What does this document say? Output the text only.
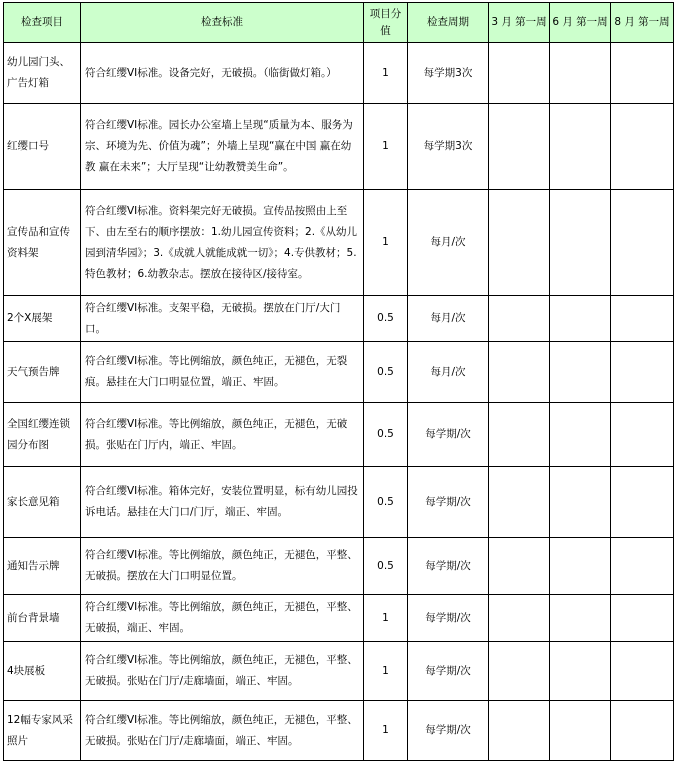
检查项目	检查标准	项目分值	检查周期	3 月 第一周	6 月 第一周	8 月 第一周
幼儿园门头、广告灯箱	符合红缨VI标准。设备完好，无破损。（临街做灯箱。）	1	每学期3次			
红缨口号	符合红缨VI标准。园长办公室墙上呈现“质量为本、服务为宗、环境为先、价值为魂”；外墙上呈现“赢在中国 赢在幼教 赢在未来”；大厅呈现“让幼教赞美生命”。	1	每学期3次			
宣传品和宣传资料架	符合红缨VI标准。资料架完好无破损。宣传品按照由上至下、由左至右的顺序摆放：1.幼儿园宣传资料；2.《从幼儿园到清华园》；3.《成就人就能成就一切》；4.专供教材；5.特色教材；6.幼教杂志。摆放在接待区/接待室。	1	每月/次			
2个X展架	符合红缨VI标准。支架平稳，无破损。摆放在门厅/大门口。	0.5	每月/次			
天气预告牌	符合红缨VI标准。等比例缩放，颜色纯正，无褪色，无裂痕。悬挂在大门口明显位置，端正、牢固。	0.5	每月/次			
全国红缨连锁园分布图	符合红缨VI标准。等比例缩放，颜色纯正，无褪色，无破损。张贴在门厅内，端正、牢固。	0.5	每学期/次			
家长意见箱	符合红缨VI标准。箱体完好，安装位置明显，标有幼儿园投诉电话。悬挂在大门口/门厅，端正、牢固。	0.5	每学期/次			
通知告示牌	符合红缨VI标准。等比例缩放，颜色纯正，无褪色，平整、无破损。摆放在大门口明显位置。	0.5	每学期/次			
前台背景墙	符合红缨VI标准。等比例缩放，颜色纯正，无褪色，平整、无破损，端正、牢固。	1	每学期/次			
4块展板	符合红缨VI标准。等比例缩放，颜色纯正，无褪色，平整、无破损。张贴在门厅/走廊墙面，端正、牢固。	1	每学期/次			
12幅专家风采照片	符合红缨VI标准。等比例缩放，颜色纯正，无褪色，平整、无破损。张贴在门厅/走廊墙面，端正、牢固。	1	每学期/次			
